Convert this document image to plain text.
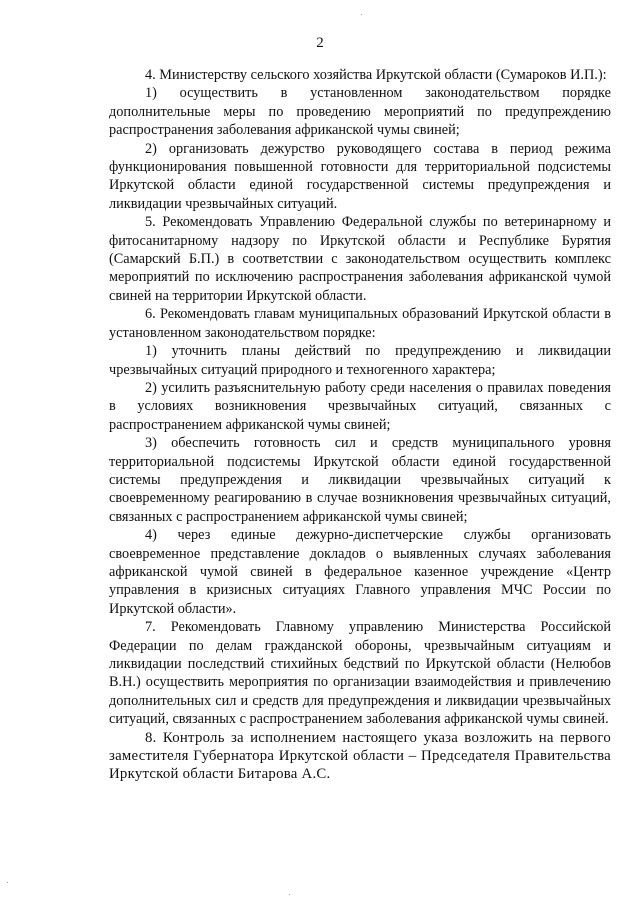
2

4. Министерству сельского хозяйства Иркутской области (Сумароков И.П.):

1) осуществить в установленном законодательством порядке дополнительные меры по проведению мероприятий по предупреждению распространения заболевания африканской чумы свиней;

2) организовать дежурство руководящего состава в период режима функционирования повышенной готовности для территориальной подсистемы Иркутской области единой государственной системы предупреждения и ликвидации чрезвычайных ситуаций.

5. Рекомендовать Управлению Федеральной службы по ветеринарному и фитосанитарному надзору по Иркутской области и Республике Бурятия (Самарский Б.П.) в соответствии с законодательством осуществить комплекс мероприятий по исключению распространения заболевания африканской чумой свиней на территории Иркутской области.

6. Рекомендовать главам муниципальных образований Иркутской области в установленном законодательством порядке:

1) уточнить планы действий по предупреждению и ликвидации чрезвычайных ситуаций природного и техногенного характера;

2) усилить разъяснительную работу среди населения о правилах поведения в условиях возникновения чрезвычайных ситуаций, связанных с распространением африканской чумы свиней;

3) обеспечить готовность сил и средств муниципального уровня территориальной подсистемы Иркутской области единой государственной системы предупреждения и ликвидации чрезвычайных ситуаций к своевременному реагированию в случае возникновения чрезвычайных ситуаций, связанных с распространением африканской чумы свиней;

4) через единые дежурно-диспетчерские службы организовать своевременное представление докладов о выявленных случаях заболевания африканской чумой свиней в федеральное казенное учреждение «Центр управления в кризисных ситуациях Главного управления МЧС России по Иркутской области».

7. Рекомендовать Главному управлению Министерства Российской Федерации по делам гражданской обороны, чрезвычайным ситуациям и ликвидации последствий стихийных бедствий по Иркутской области (Нелюбов В.Н.) осуществить мероприятия по организации взаимодействия и привлечению дополнительных сил и средств для предупреждения и ликвидации чрезвычайных ситуаций, связанных с распространением заболевания африканской чумы свиней.

8. Контроль за исполнением настоящего указа возложить на первого заместителя Губернатора Иркутской области – Председателя Правительства Иркутской области Битарова А.С.
